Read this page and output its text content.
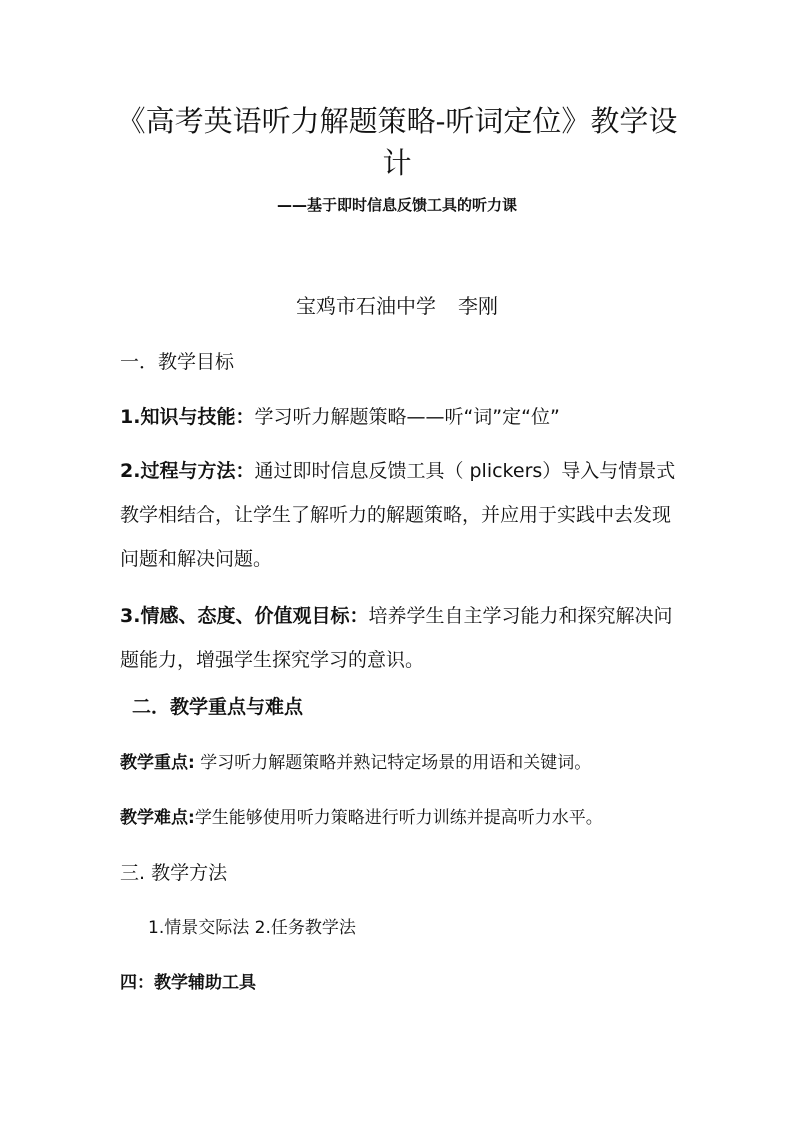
《高考英语听力解题策略-听词定位》教学设
计
——基于即时信息反馈工具的听力课
宝鸡市石油中学 李刚
一．教学目标
1.知识与技能：学习听力解题策略——听“词”定“位”
2.过程与方法：通过即时信息反馈工具（ plickers）导入与情景式教学相结合，让学生了解听力的解题策略，并应用于实践中去发现问题和解决问题。
3.情感、态度、价值观目标：培养学生自主学习能力和探究解决问题能力，增强学生探究学习的意识。
二．教学重点与难点
教学重点: 学习听力解题策略并熟记特定场景的用语和关键词。
教学难点:学生能够使用听力策略进行听力训练并提高听力水平。
三. 教学方法
1.情景交际法 2.任务教学法
四：教学辅助工具
